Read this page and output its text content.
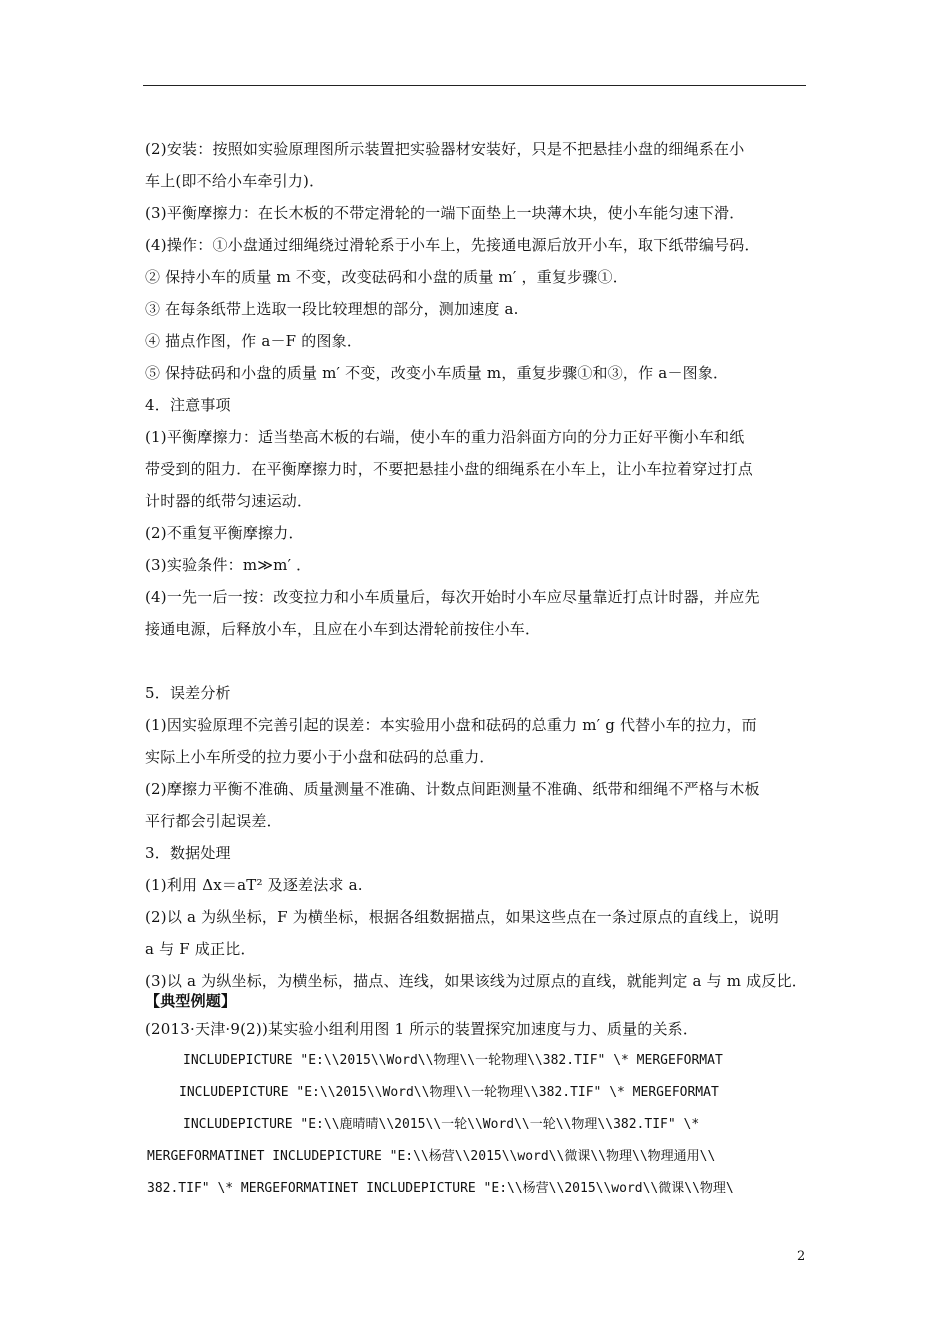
(2)安装：按照如实验原理图所示装置把实验器材安装好，只是不把悬挂小盘的细绳系在小
车上(即不给小车牵引力)．
(3)平衡摩擦力：在长木板的不带定滑轮的一端下面垫上一块薄木块，使小车能匀速下滑．
(4)操作：①小盘通过细绳绕过滑轮系于小车上，先接通电源后放开小车，取下纸带编号码．
② 保持小车的质量 m 不变，改变砝码和小盘的质量 m′ ，重复步骤①．
③ 在每条纸带上选取一段比较理想的部分，测加速度 a.
④ 描点作图，作 a－F 的图象．
⑤ 保持砝码和小盘的质量 m′ 不变，改变小车质量 m，重复步骤①和③，作 a－图象．
4．注意事项
(1)平衡摩擦力：适当垫高木板的右端，使小车的重力沿斜面方向的分力正好平衡小车和纸
带受到的阻力．在平衡摩擦力时，不要把悬挂小盘的细绳系在小车上，让小车拉着穿过打点
计时器的纸带匀速运动．
(2)不重复平衡摩擦力．
(3)实验条件：m≫m′ ．
(4)一先一后一按：改变拉力和小车质量后，每次开始时小车应尽量靠近打点计时器，并应先
接通电源，后释放小车，且应在小车到达滑轮前按住小车．
5．误差分析
(1)因实验原理不完善引起的误差：本实验用小盘和砝码的总重力 m′ g 代替小车的拉力，而
实际上小车所受的拉力要小于小盘和砝码的总重力．
(2)摩擦力平衡不准确、质量测量不准确、计数点间距测量不准确、纸带和细绳不严格与木板
平行都会引起误差．
3．数据处理
(1)利用 Δx＝aT² 及逐差法求 a.
(2)以 a 为纵坐标，F 为横坐标，根据各组数据描点，如果这些点在一条过原点的直线上，说明
a 与 F 成正比．
(3)以 a 为纵坐标，为横坐标，描点、连线，如果该线为过原点的直线，就能判定 a 与 m 成反比．
【典型例题】
(2013·天津·9(2))某实验小组利用图 1 所示的装置探究加速度与力、质量的关系．
INCLUDEPICTURE "E:\\2015\\Word\\物理\\一轮物理\\382.TIF" \* MERGEFORMAT
INCLUDEPICTURE "E:\\2015\\Word\\物理\\一轮物理\\382.TIF" \* MERGEFORMAT
INCLUDEPICTURE "E:\\鹿晴晴\\2015\\一轮\\Word\\一轮\\物理\\382.TIF" \*
MERGEFORMATINET INCLUDEPICTURE "E:\\杨营\\2015\\word\\微课\\物理\\物理通用\\
382.TIF" \* MERGEFORMATINET INCLUDEPICTURE "E:\\杨营\\2015\\word\\微课\\物理\
2
